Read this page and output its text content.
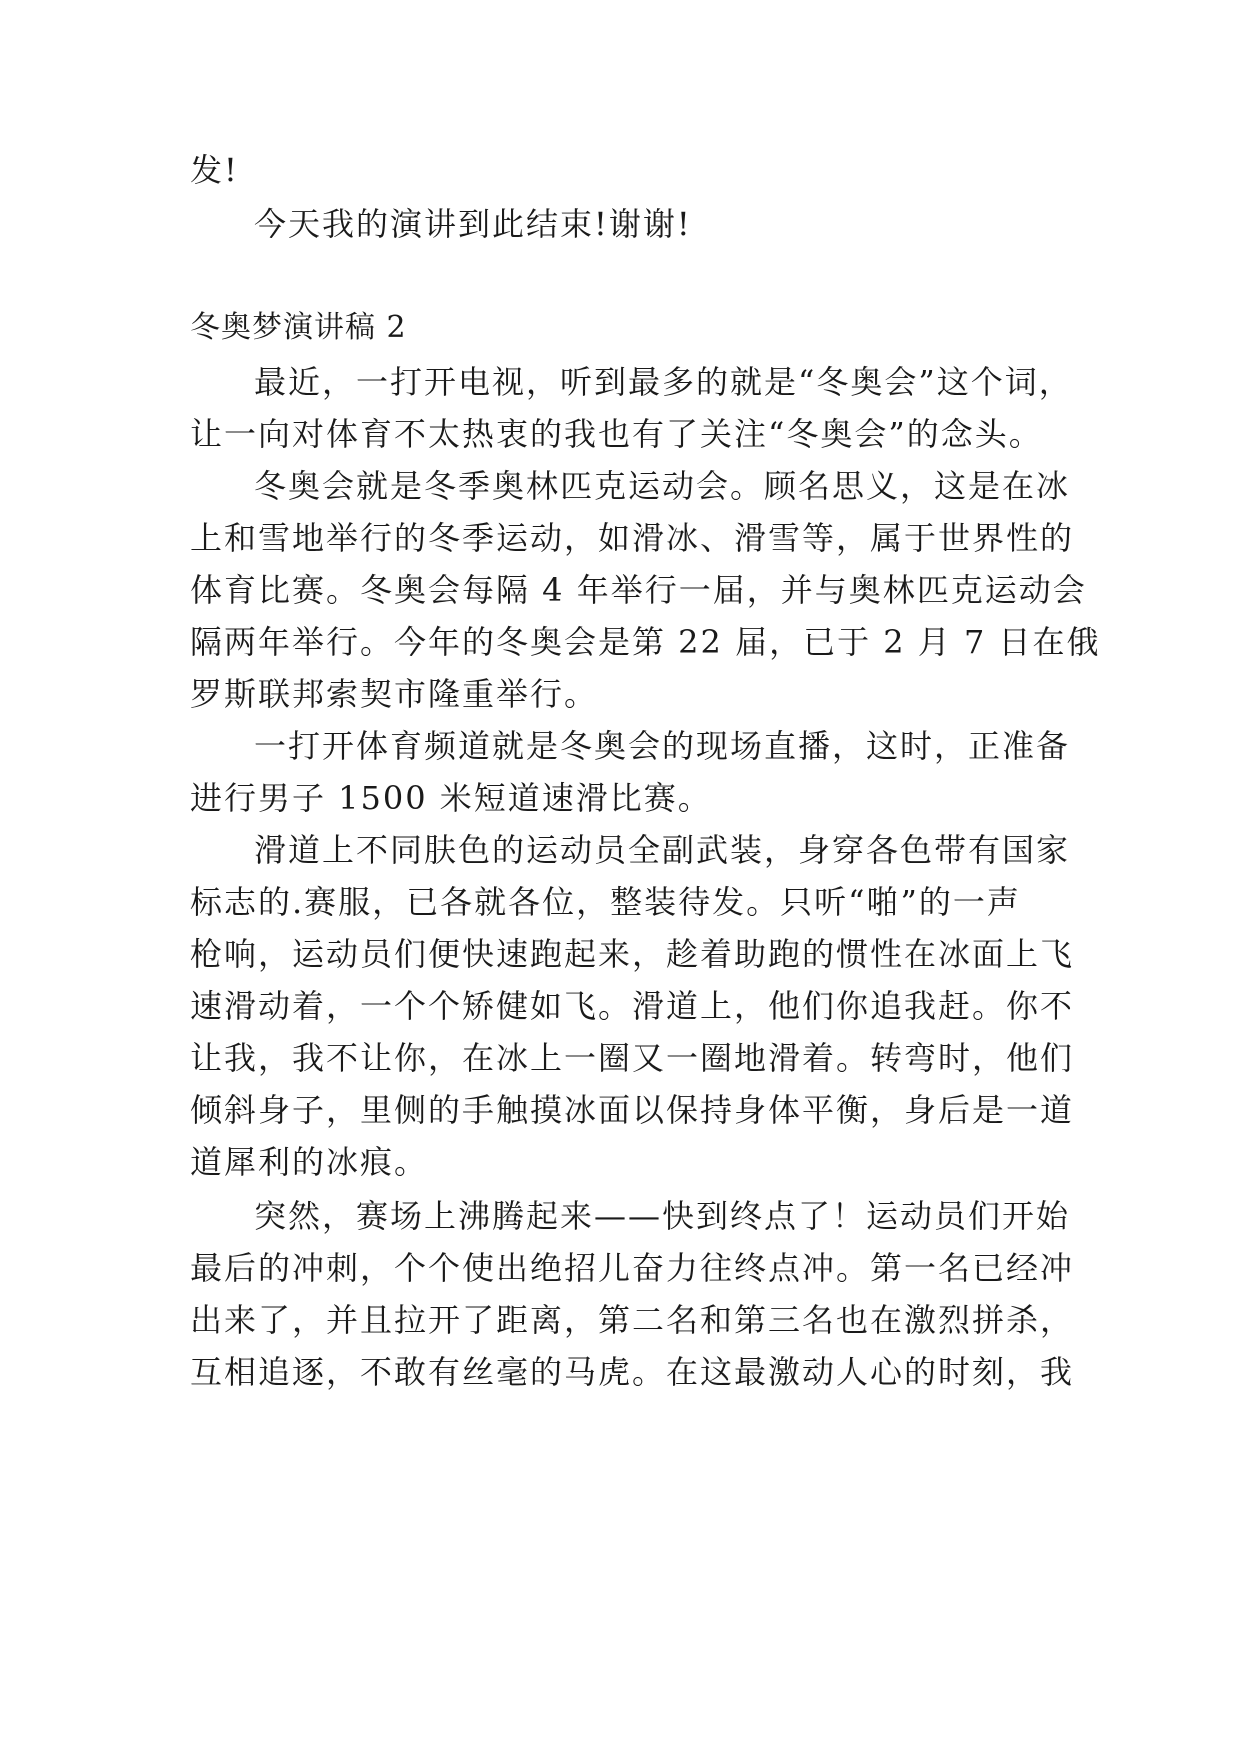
发!
今天我的演讲到此结束!谢谢!
冬奥梦演讲稿 2
最近，一打开电视，听到最多的就是“冬奥会”这个词，
让一向对体育不太热衷的我也有了关注“冬奥会”的念头。
冬奥会就是冬季奥林匹克运动会。顾名思义，这是在冰
上和雪地举行的冬季运动，如滑冰、滑雪等，属于世界性的
体育比赛。冬奥会每隔 4 年举行一届，并与奥林匹克运动会
隔两年举行。今年的冬奥会是第 22 届，已于 2 月 7 日在俄
罗斯联邦索契市隆重举行。
一打开体育频道就是冬奥会的现场直播，这时，正准备
进行男子 1500 米短道速滑比赛。
滑道上不同肤色的运动员全副武装，身穿各色带有国家
标志的.赛服，已各就各位，整装待发。只听“啪”的一声
枪响，运动员们便快速跑起来，趁着助跑的惯性在冰面上飞
速滑动着，一个个矫健如飞。滑道上，他们你追我赶。你不
让我，我不让你，在冰上一圈又一圈地滑着。转弯时，他们
倾斜身子，里侧的手触摸冰面以保持身体平衡，身后是一道
道犀利的冰痕。
突然，赛场上沸腾起来——快到终点了！运动员们开始
最后的冲刺，个个使出绝招儿奋力往终点冲。第一名已经冲
出来了，并且拉开了距离，第二名和第三名也在激烈拼杀，
互相追逐，不敢有丝毫的马虎。在这最激动人心的时刻，我
